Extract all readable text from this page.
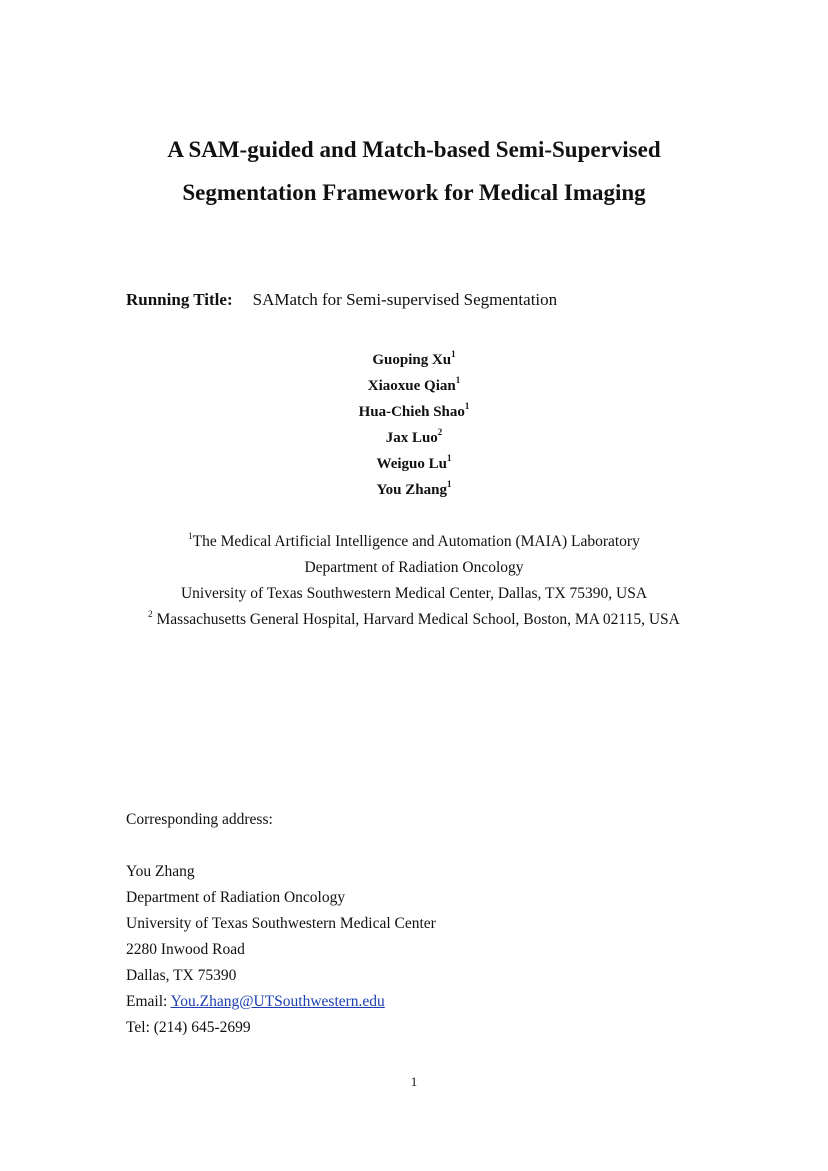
A SAM-guided and Match-based Semi-Supervised
Segmentation Framework for Medical Imaging
Running Title: SAMatch for Semi-supervised Segmentation
Guoping Xu$^1$
Xiaoxue Qian$^1$
Hua-Chieh Shao$^1$
Jax Luo$^2$
Weiguo Lu$^1$
You Zhang$^1$
$^1$The Medical Artificial Intelligence and Automation (MAIA) Laboratory
Department of Radiation Oncology
University of Texas Southwestern Medical Center, Dallas, TX 75390, USA
$^2$ Massachusetts General Hospital, Harvard Medical School, Boston, MA 02115, USA
Corresponding address:
You Zhang
Department of Radiation Oncology
University of Texas Southwestern Medical Center
2280 Inwood Road
Dallas, TX 75390
Email: You.Zhang@UTSouthwestern.edu
Tel: (214) 645-2699
1
